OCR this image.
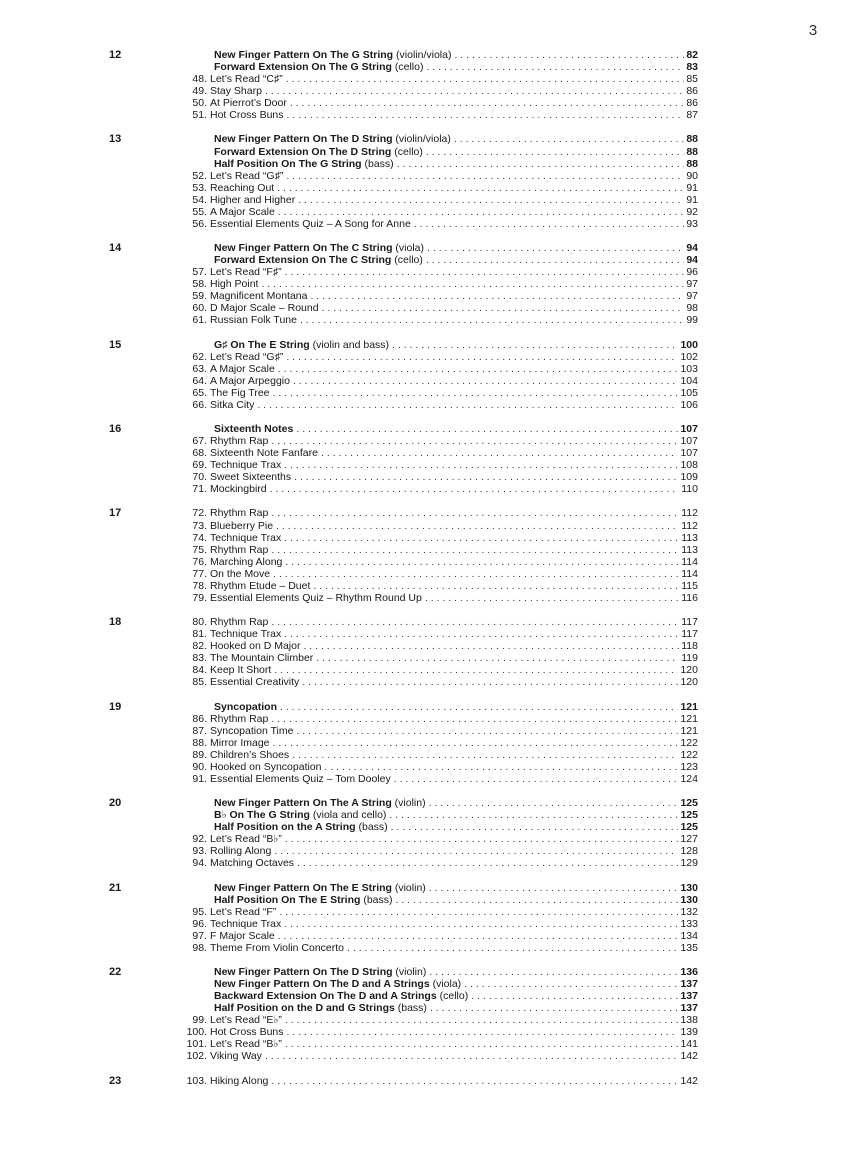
3
12	New Finger Pattern On The G String (violin/viola) . . .	82
Forward Extension On The G String (cello) . . .	83
48. Let’s Read “C♯” . . .	85
49. Stay Sharp . . .	86
50. At Pierrot’s Door . . .	86
51. Hot Cross Buns . . .	87
13	New Finger Pattern On The D String (violin/viola) . . .	88
Forward Extension On The D String (cello) . . .	88
Half Position On The G String (bass) . . .	88
52. Let’s Read “G♯” . . .	90
53. Reaching Out . . .	91
54. Higher and Higher . . .	91
55. A Major Scale . . .	92
56. Essential Elements Quiz – A Song for Anne . . .	93
14	New Finger Pattern On The C String (viola) . . .	94
Forward Extension On The C String (cello) . . .	94
57. Let’s Read “F♯” . . .	96
58. High Point . . .	97
59. Magnificent Montana . . .	97
60. D Major Scale – Round . . .	98
61. Russian Folk Tune . . .	99
15	G♯ On The E String (violin and bass) . . .	100
62. Let’s Read “G♯” . . .	102
63. A Major Scale . . .	103
64. A Major Arpeggio . . .	104
65. The Fig Tree . . .	105
66. Sitka City . . .	106
16	Sixteenth Notes . . .	107
67. Rhythm Rap . . .	107
68. Sixteenth Note Fanfare . . .	107
69. Technique Trax . . .	108
70. Sweet Sixteenths . . .	109
71. Mockingbird . . .	110
17	72. Rhythm Rap . . .	112
73. Blueberry Pie . . .	112
74. Technique Trax . . .	113
75. Rhythm Rap . . .	113
76. Marching Along . . .	114
77. On the Move . . .	114
78. Rhythm Etude – Duet . . .	115
79. Essential Elements Quiz – Rhythm Round Up . . .	116
18	80. Rhythm Rap . . .	117
81. Technique Trax . . .	117
82. Hooked on D Major . . .	118
83. The Mountain Climber . . .	119
84. Keep It Short . . .	120
85. Essential Creativity . . .	120
19	Syncopation . . .	121
86. Rhythm Rap . . .	121
87. Syncopation Time . . .	121
88. Mirror Image . . .	122
89. Children’s Shoes . . .	122
90. Hooked on Syncopation . . .	123
91. Essential Elements Quiz – Tom Dooley . . .	124
20	New Finger Pattern On The A String (violin) . . .	125
B♭ On The G String (viola and cello) . . .	125
Half Position on the A String (bass) . . .	125
92. Let’s Read “B♭” . . .	127
93. Rolling Along . . .	128
94. Matching Octaves . . .	129
21	New Finger Pattern On The E String (violin) . . .	130
Half Position On The E String (bass) . . .	130
95. Let’s Read “F” . . .	132
96. Technique Trax . . .	133
97. F Major Scale . . .	134
98. Theme From Violin Concerto . . .	135
22	New Finger Pattern On The D String (violin) . . .	136
New Finger Pattern On The D and A Strings (viola) . . .	137
Backward Extension On The D and A Strings (cello) . . .	137
Half Position on the D and G Strings (bass) . . .	137
99. Let’s Read “E♭” . . .	138
100. Hot Cross Buns . . .	139
101. Let’s Read “B♭” . . .	141
102. Viking Way . . .	142
23	103. Hiking Along . . .	142
